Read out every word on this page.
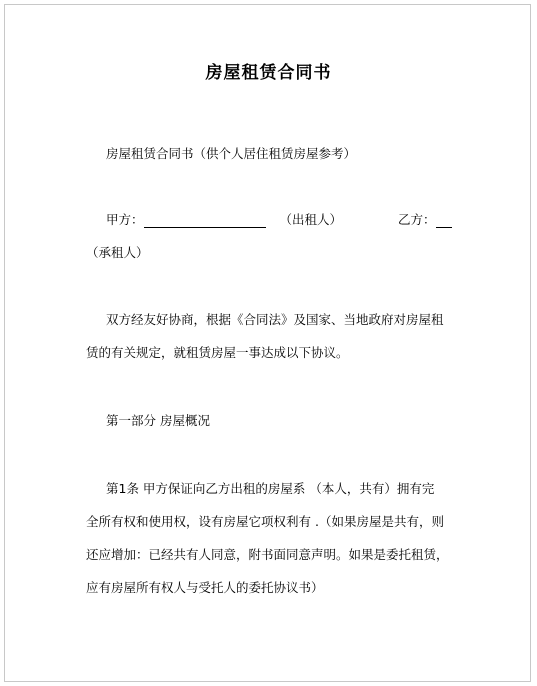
房屋租赁合同书
房屋租赁合同书（供个人居住租赁房屋参考）
甲方：	（出租人）	乙方：
（承租人）
双方经友好协商，根据《合同法》及国家、当地政府对房屋租
赁的有关规定，就租赁房屋一事达成以下协议。
第一部分 房屋概况
第1条 甲方保证向乙方出租的房屋系 （本人，共有）拥有完
全所有权和使用权，设有房屋它项权利有 .（如果房屋是共有，则
还应增加：已经共有人同意，附书面同意声明。如果是委托租赁，
应有房屋所有权人与受托人的委托协议书）
